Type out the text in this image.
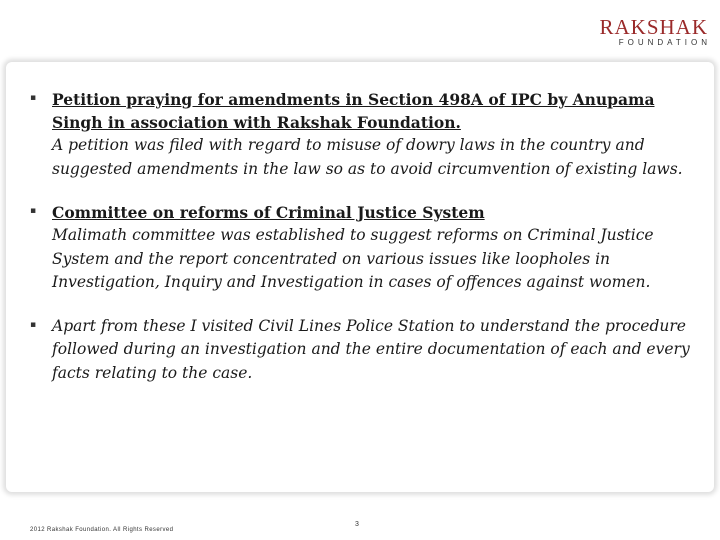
RAKSHAK
FOUNDATION
▪ Petition praying for amendments in Section 498A of IPC by Anupama Singh in association with Rakshak Foundation.
A petition was filed with regard to misuse of dowry laws in the country and suggested amendments in the law so as to avoid circumvention of existing laws.
▪ Committee on reforms of Criminal Justice System
Malimath committee was established to suggest reforms on Criminal Justice System and the report concentrated on various issues like loopholes in Investigation, Inquiry and Investigation in cases of offences against women.
▪ Apart from these I visited Civil Lines Police Station to understand the procedure followed during an investigation and the entire documentation of each and every facts relating to the case.
2012 Rakshak Foundation. All Rights Reserved
3
